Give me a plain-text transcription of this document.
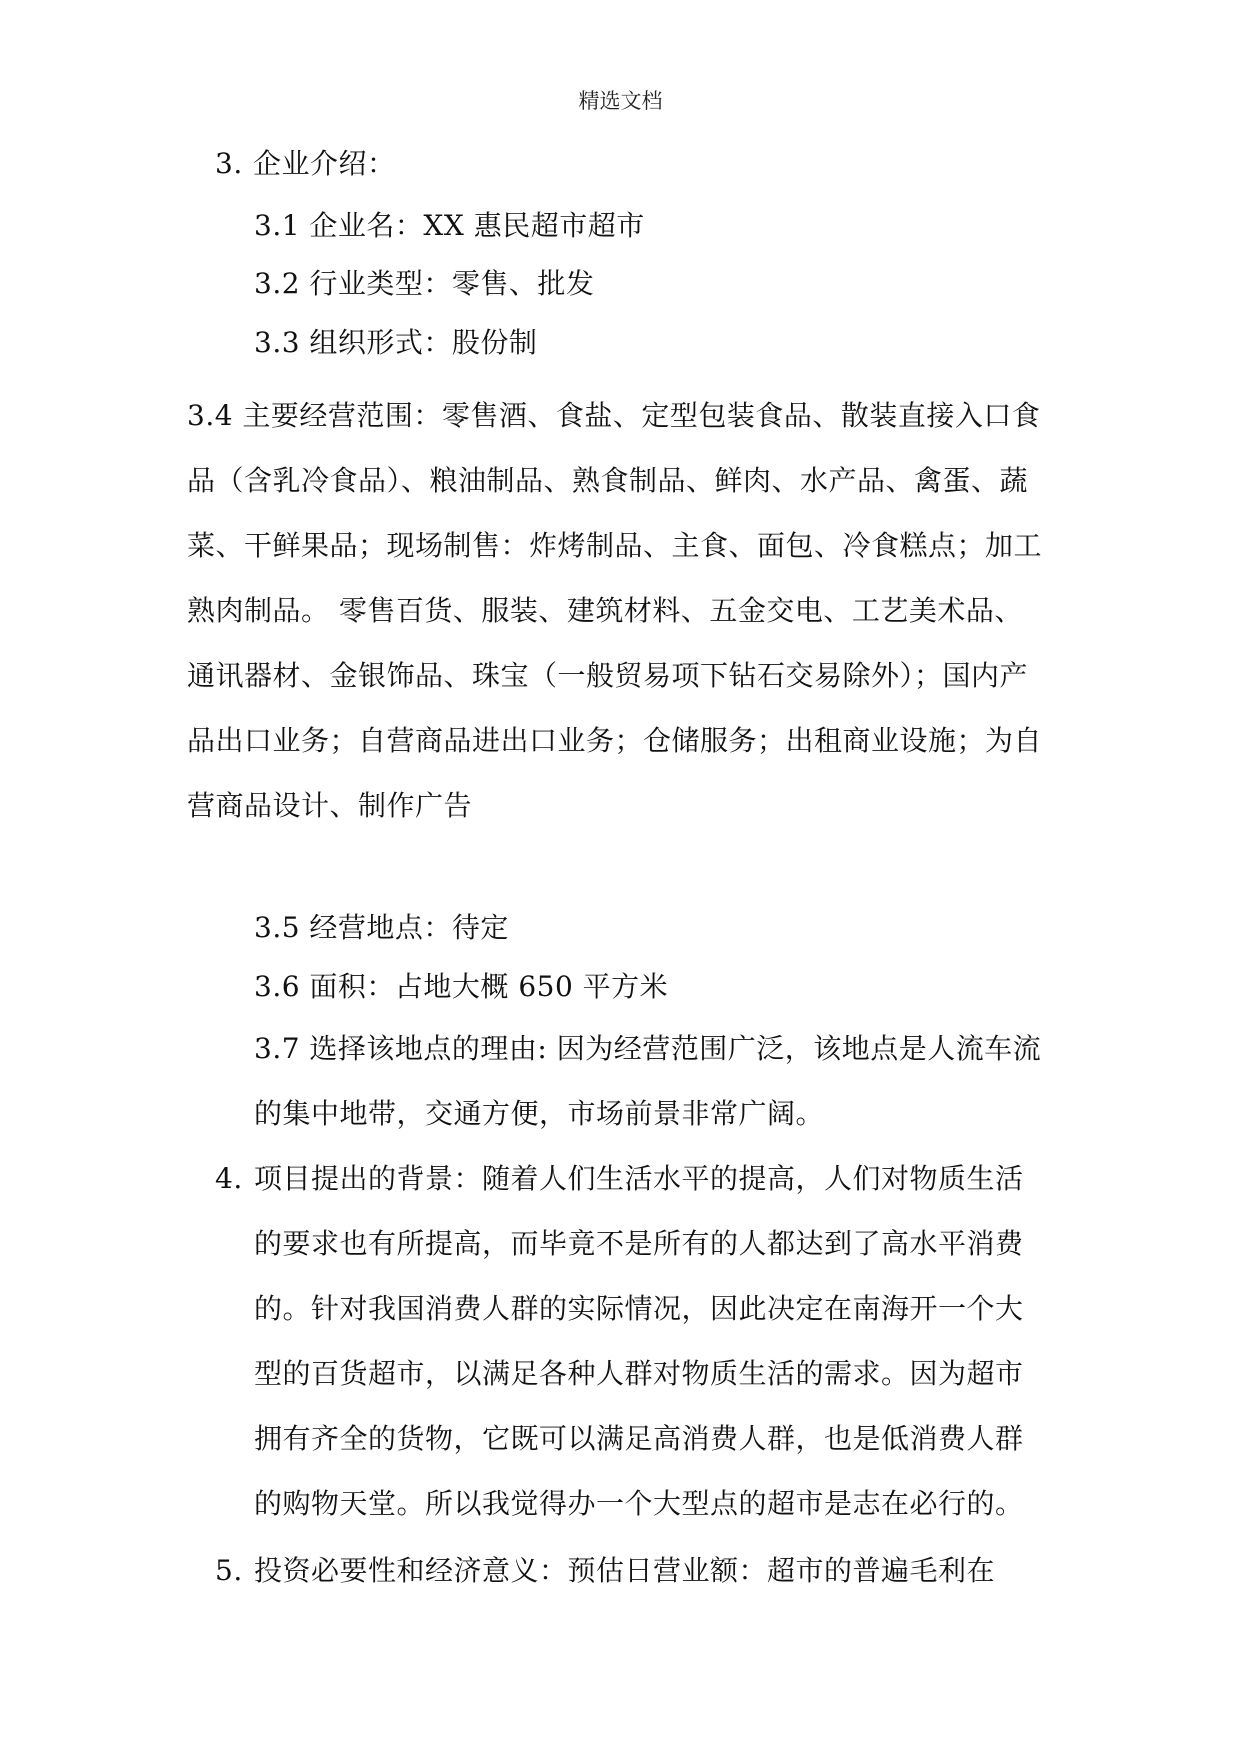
精选文档
3. 企业介绍：
3.1 企业名：XX 惠民超市超市
3.2 行业类型：零售、批发
3.3 组织形式：股份制
3.4 主要经营范围：零售酒、食盐、定型包装食品、散装直接入口食
品（含乳冷食品）、粮油制品、熟食制品、鲜肉、水产品、禽蛋、蔬
菜、干鲜果品；现场制售：炸烤制品、主食、面包、冷食糕点；加工
熟肉制品。 零售百货、服装、建筑材料、五金交电、工艺美术品、
通讯器材、金银饰品、珠宝（一般贸易项下钻石交易除外）；国内产
品出口业务；自营商品进出口业务；仓储服务；出租商业设施；为自
营商品设计、制作广告
3.5 经营地点：待定
3.6 面积：占地大概 650 平方米
3.7 选择该地点的理由: 因为经营范围广泛，该地点是人流车流
的集中地带，交通方便，市场前景非常广阔。
4. 项目提出的背景：随着人们生活水平的提高，人们对物质生活
的要求也有所提高，而毕竟不是所有的人都达到了高水平消费
的。针对我国消费人群的实际情况，因此决定在南海开一个大
型的百货超市，以满足各种人群对物质生活的需求。因为超市
拥有齐全的货物，它既可以满足高消费人群，也是低消费人群
的购物天堂。所以我觉得办一个大型点的超市是志在必行的。
5. 投资必要性和经济意义：预估日营业额：超市的普遍毛利在
